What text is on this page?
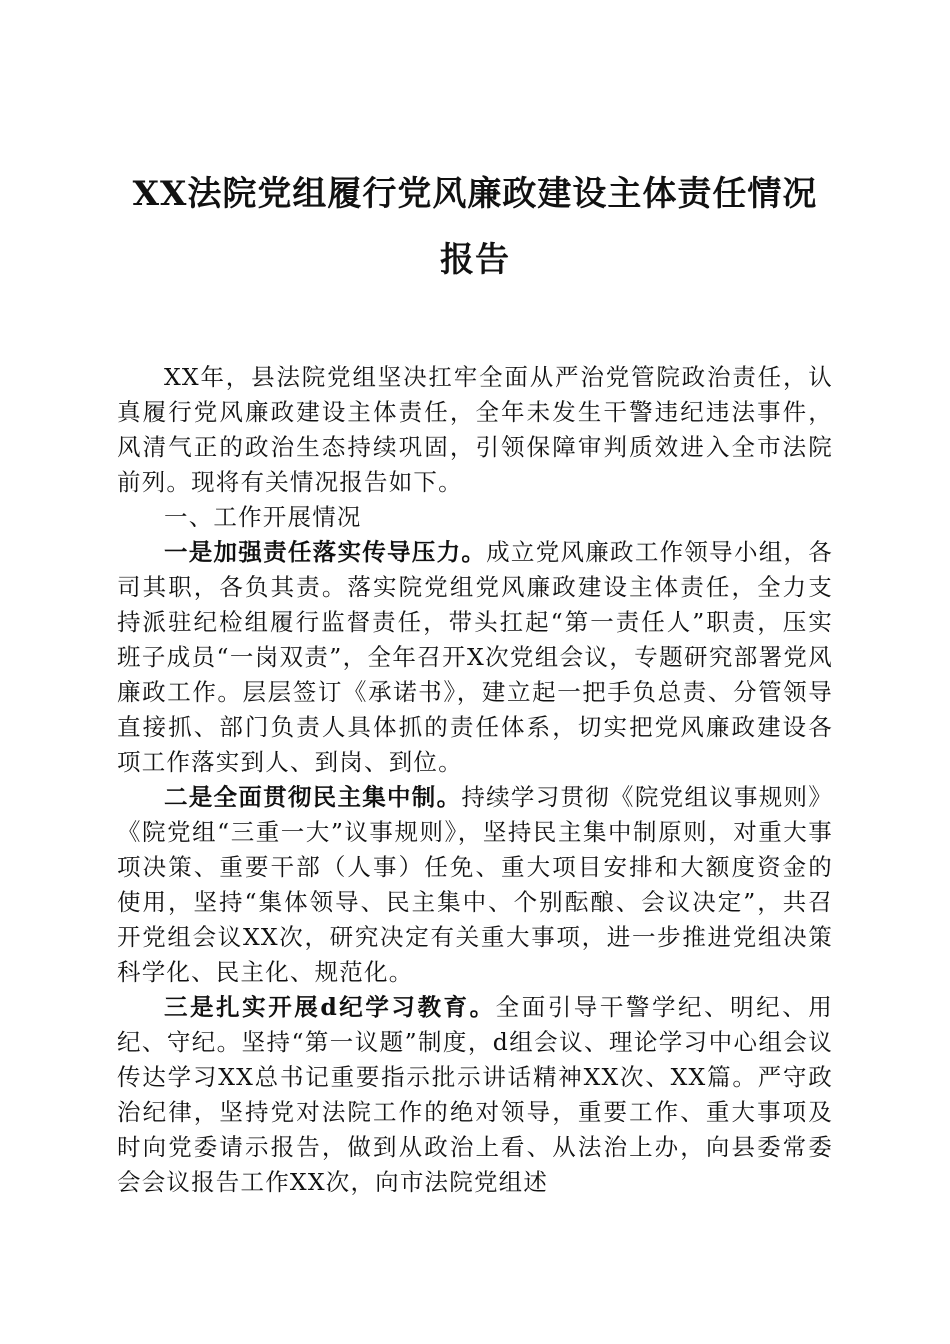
XX法院党组履行党风廉政建设主体责任情况
报告

XX年，县法院党组坚决扛牢全面从严治党管院政治责任，认真履行党风廉政建设主体责任，全年未发生干警违纪违法事件，风清气正的政治生态持续巩固，引领保障审判质效进入全市法院前列。现将有关情况报告如下。

一、工作开展情况

一是加强责任落实传导压力。成立党风廉政工作领导小组，各司其职，各负其责。落实院党组党风廉政建设主体责任，全力支持派驻纪检组履行监督责任，带头扛起“第一责任人”职责，压实班子成员“一岗双责”，全年召开X次党组会议，专题研究部署党风廉政工作。层层签订《承诺书》，建立起一把手负总责、分管领导直接抓、部门负责人具体抓的责任体系，切实把党风廉政建设各项工作落实到人、到岗、到位。

二是全面贯彻民主集中制。持续学习贯彻《院党组议事规则》《院党组“三重一大”议事规则》，坚持民主集中制原则，对重大事项决策、重要干部（人事）任免、重大项目安排和大额度资金的使用，坚持“集体领导、民主集中、个别酝酿、会议决定”，共召开党组会议XX次，研究决定有关重大事项，进一步推进党组决策科学化、民主化、规范化。

三是扎实开展d纪学习教育。全面引导干警学纪、明纪、用纪、守纪。坚持“第一议题”制度，d组会议、理论学习中心组会议传达学习XX总书记重要指示批示讲话精神XX次、XX篇。严守政治纪律，坚持党对法院工作的绝对领导，重要工作、重大事项及时向党委请示报告，做到从政治上看、从法治上办，向县委常委会会议报告工作XX次，向市法院党组述
